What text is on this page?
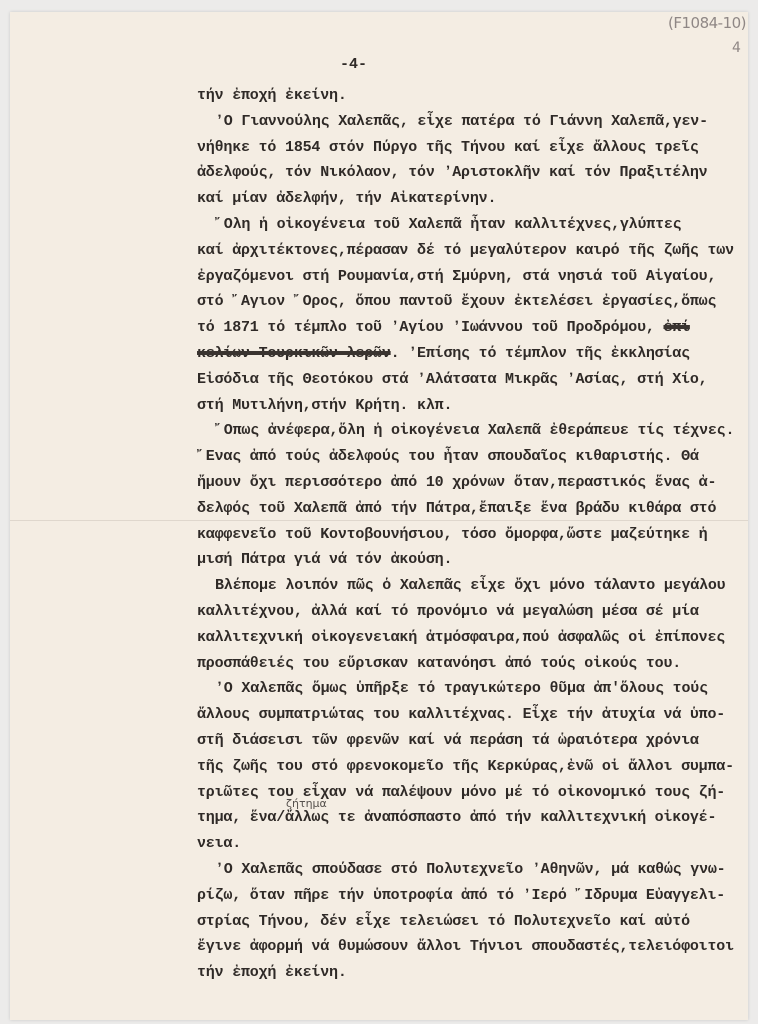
(F1084-10)
4
-4-
τήν ἐποχή ἐκείνη.
ʼΟ Γιαννούλης Χαλεπᾶς, εἶχε πατέρα τό Γιάννη Χαλεπᾶ,γεν-
νήθηκε τό 1854 στόν Πύργο τῆς Τήνου καί εἶχε ἄλλους τρεῖς
ἀδελφούς, τόν Νικόλαον, τόν ʼΑριστοκλῆν καί τόν Πραξιτέλην
καί μίαν ἀδελφήν, τήν Αἰκατερίνην.
῎Ολη ἡ οἰκογένεια τοῦ Χαλεπᾶ ἦταν καλλιτέχνες,γλύπτες
καί ἀρχιτέκτονες,πέρασαν δέ τό μεγαλύτερον καιρό τῆς ζωῆς των
ἐργαζόμενοι στή Ρουμανία,στή Σμύρνη, στά νησιά τοῦ Αἰγαίου,
στό ῎Αγιον ῎Ορος, ὅπου παντοῦ ἔχουν ἐκτελέσει ἐργασίες,ὅπως
τό 1871 τό τέμπλο τοῦ ʼΑγίου ʼΙωάννου τοῦ Προδρόμου, ἐπί
κελίων Τουρκικῶν λερῶν. ʼΕπίσης τό τέμπλον τῆς ἐκκλησίας
Εἰσόδια τῆς Θεοτόκου στά ʼΑλάτσατα Μικρᾶς ʼΑσίας, στή Χίο,
στή Μυτιλήνη,στήν Κρήτη. κλπ.
῎Οπως ἀνέφερα,ὅλη ἡ οἰκογένεια Χαλεπᾶ ἐθεράπευε τίς τέχνες.
῎Ενας ἀπό τούς ἀδελφούς του ἦταν σπουδαῖος κιθαριστής. Θά
ἤμουν ὄχι περισσότερο ἀπό 10 χρόνων ὅταν,περαστικός ἕνας ἀ-
δελφός τοῦ Χαλεπᾶ ἀπό τήν Πάτρα,ἔπαιξε ἕνα βράδυ κιθάρα στό
καφφενεῖο τοῦ Κοντοβουνήσιου, τόσο ὄμορφα,ὥστε μαζεύτηκε ἡ
μισή Πάτρα γιά νά τόν ἀκούση.
Βλέπομε λοιπόν πῶς ὁ Χαλεπᾶς εἶχε ὄχι μόνο τάλαντο μεγάλου
καλλιτέχνου, ἀλλά καί τό προνόμιο νά μεγαλώση μέσα σέ μία
καλλιτεχνική οἰκογενειακή ἀτμόσφαιρα,πού ἀσφαλῶς οἱ ἐπίπονες
προσπάθειές του εὕρισκαν κατανόησι ἀπό τούς οἰκούς του.
ʼΟ Χαλεπᾶς ὅμως ὑπῆρξε τό τραγικώτερο θῦμα ἀπ'ὅλους τούς
ἄλλους συμπατριώτας του καλλιτέχνας. Εἶχε τήν ἀτυχία νά ὑπο-
στῆ διάσεισι τῶν φρενῶν καί νά περάση τά ὡραιότερα χρόνια
τῆς ζωῆς του στό φρενοκομεῖο τῆς Κερκύρας,ἐνῶ οἱ ἄλλοι συμπα-
τριῶτες του εἶχαν νά παλέψουν μόνο μέ τό οἰκονομικό τους ζή-
τημα, ἕνα/ἄλλως τε ἀναπόσπαστο ἀπό τήν καλλιτεχνική οἰκογέ-
ζήτημα
νεια.
ʼΟ Χαλεπᾶς σπούδασε στό Πολυτεχνεῖο ʼΑθηνῶν, μά καθώς γνω-
ρίζω, ὅταν πῆρε τήν ὑποτροφία ἀπό τό ʼΙερό ῎Ιδρυμα Εὐαγγελι-
στρίας Τήνου, δέν εἶχε τελειώσει τό Πολυτεχνεῖο καί αὐτό
ἔγινε ἀφορμή νά θυμώσουν ἄλλοι Τήνιοι σπουδαστές,τελειόφοιτοι
τήν ἐποχή ἐκείνη.
